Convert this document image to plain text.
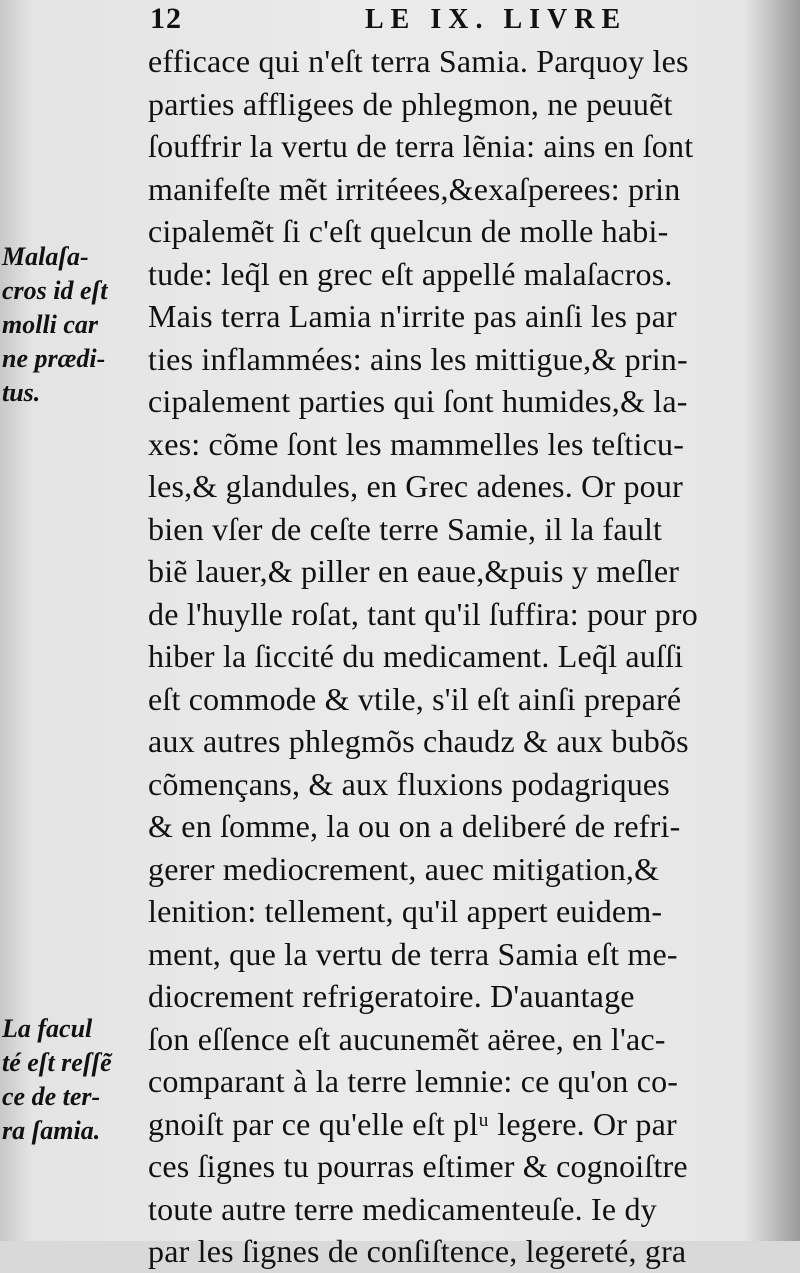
12	LE IX. LIVRE
efficace qui n'eſt terra Samia. Parquoy les
parties affligees de phlegmon, ne peuuẽt
ſouffrir la vertu de terra lẽnia: ains en ſont
manifeſte mẽt irritéees,&exaſperees: prin
cipalemẽt ſi c'eſt quelcun de molle habi-
tude: leq̃l en grec eſt appellé malaſacros.
Mais terra Lamia n'irrite pas ainſi les par
ties inflammées: ains les mittigue,& prin-
cipalement parties qui ſont humides,& la-
xes: cõme ſont les mammelles les teſticu-
les,& glandules, en Grec adenes. Or pour
bien vſer de ceſte terre Samie, il la fault
biẽ lauer,& piller en eaue,&puis y meſler
de l'huylle roſat, tant qu'il ſuffira: pour pro
hiber la ſiccité du medicament. Leq̃l auſſi
eſt commode & vtile, s'il eſt ainſi preparé
aux autres phlegmõs chaudz & aux bubõs
cõmençans, & aux fluxions podagriques
& en ſomme, la ou on a deliberé de refri-
gerer mediocrement, auec mitigation,&
lenition: tellement, qu'il appert euidem-
ment, que la vertu de terra Samia eſt me-
diocrement refrigeratoire. D'auantage
ſon eſſence eſt aucunemẽt aëree, en l'ac-
comparant à la terre lemnie: ce qu'on co-
gnoiſt par ce qu'elle eſt plᵘ legere. Or par
ces ſignes tu pourras eſtimer & cognoiſtre
toute autre terre medicamenteuſe. Ie dy
par les ſignes de conſiſtence, legereté, gra
Malaſa-
cros id eſt
molli car
ne prædi-
tus.
La facul
té eſt reſſẽ
ce de ter-
ra ſamia.
